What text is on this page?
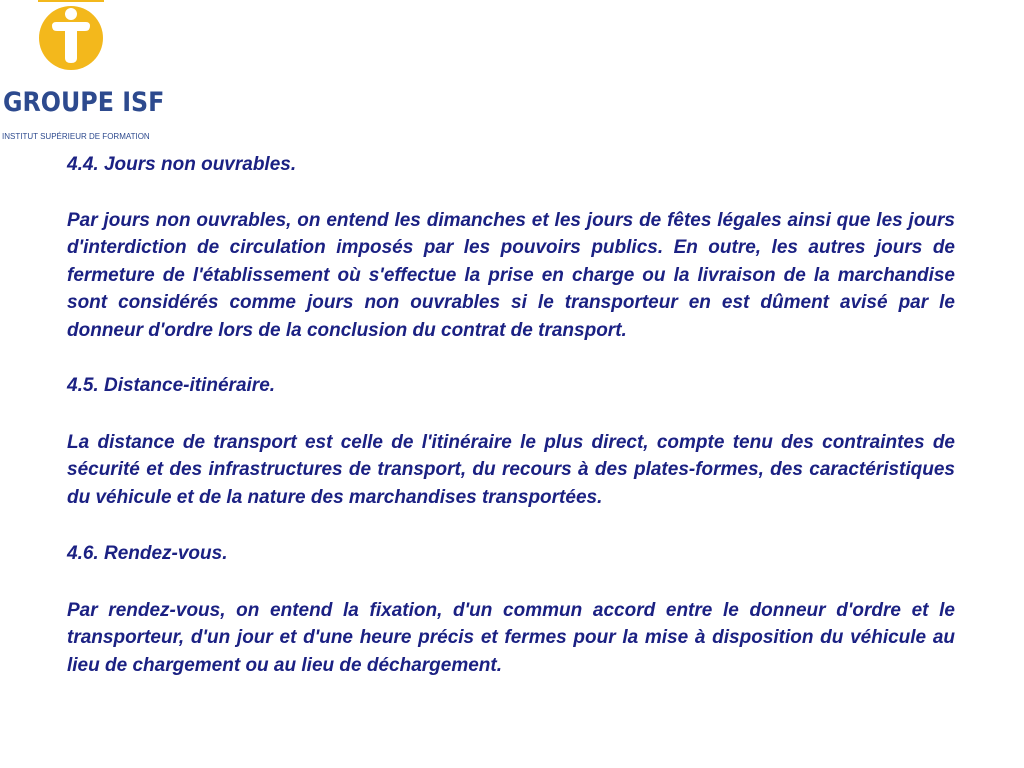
GROUPE ISF

INSTITUT SUPÉRIEUR DE FORMATION

4.4. Jours non ouvrables.

Par jours non ouvrables, on entend les dimanches et les jours de fêtes légales ainsi que les jours d'interdiction de circulation imposés par les pouvoirs publics. En outre, les autres jours de fermeture de l'établissement où s'effectue la prise en charge ou la livraison de la marchandise sont considérés comme jours non ouvrables si le transporteur en est dûment avisé par le donneur d'ordre lors de la conclusion du contrat de transport.

4.5. Distance-itinéraire.

La distance de transport est celle de l'itinéraire le plus direct, compte tenu des contraintes de sécurité et des infrastructures de transport, du recours à des plates-formes, des caractéristiques du véhicule et de la nature des marchandises transportées.

4.6. Rendez-vous.

Par rendez-vous, on entend la fixation, d'un commun accord entre le donneur d'ordre et le transporteur, d'un jour et d'une heure précis et fermes pour la mise à disposition du véhicule au lieu de chargement ou au lieu de déchargement.
